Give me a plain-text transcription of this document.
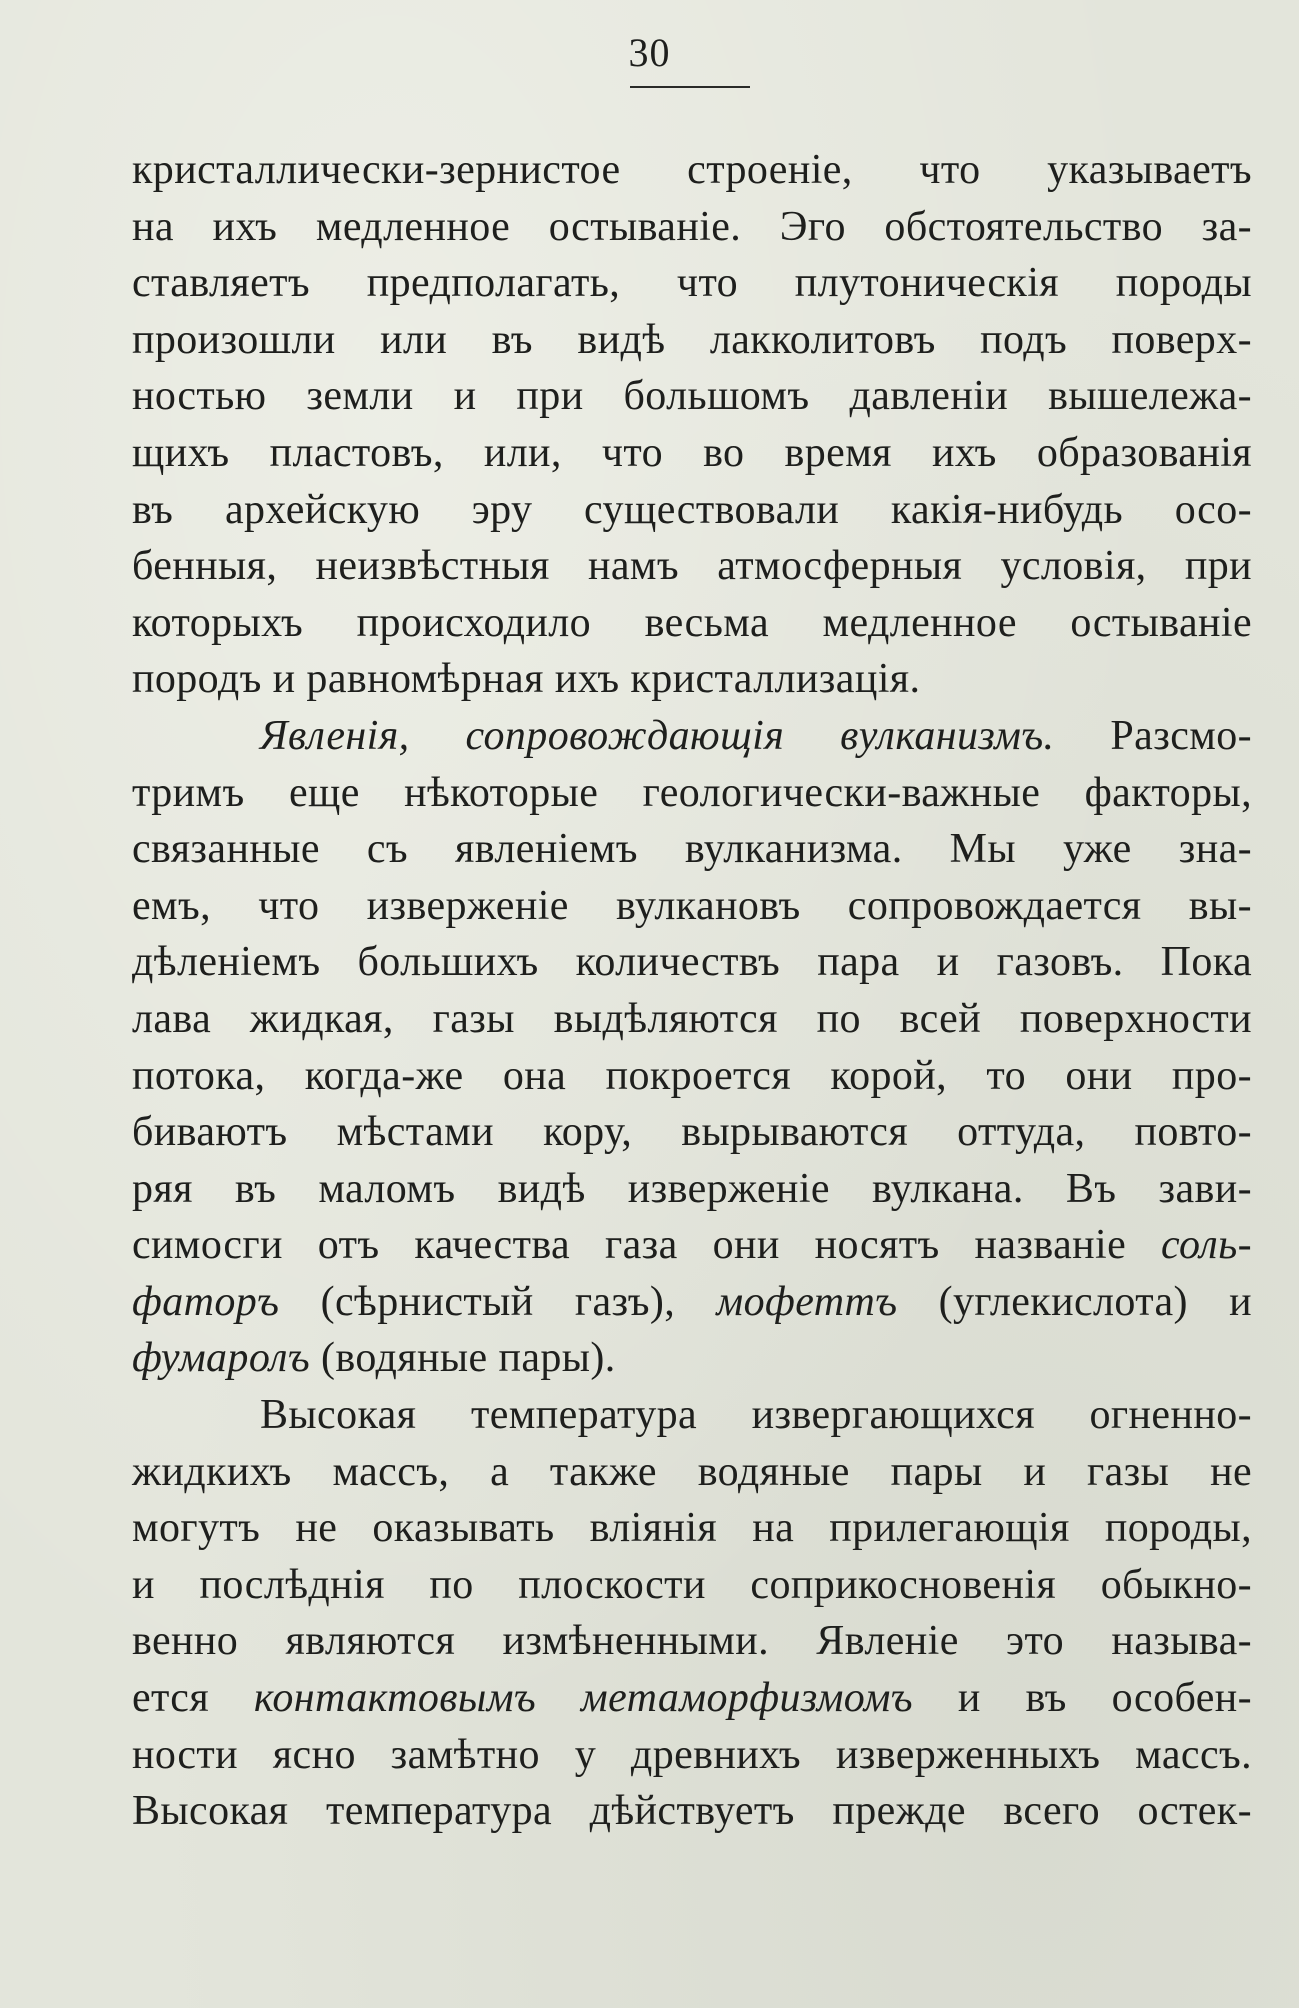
30
кристаллически-зернистое строенiе, что указываетъ
на ихъ медленное остыванiе. Эго обстоятельство за-
ставляетъ предполагать, что плутоническiя породы
произошли или въ видѣ лакколитовъ подъ поверх-
ностью земли и при большомъ давленiи вышележа-
щихъ пластовъ, или, что во время ихъ образованiя
въ архейскую эру существовали какiя-нибудь осо-
бенныя, неизвѣстныя намъ атмосферныя условiя, при
которыхъ происходило весьма медленное остыванiе
породъ и равномѣрная ихъ кристаллизацiя.
Явленiя, сопровождающiя вулканизмъ. Разсмо-
тримъ еще нѣкоторые геологически-важные факторы,
связанные съ явленiемъ вулканизма. Мы уже зна-
емъ, что изверженiе вулкановъ сопровождается вы-
дѣленiемъ большихъ количествъ пара и газовъ. Пока
лава жидкая, газы выдѣляются по всей поверхности
потока, когда-же она покроется корой, то они про-
биваютъ мѣстами кору, вырываются оттуда, повто-
ряя въ маломъ видѣ изверженiе вулкана. Въ зави-
симосги отъ качества газа они носятъ названiе соль-
фаторъ (сѣрнистый газъ), мофеттъ (углекислота) и
фумаролъ (водяные пары).
Высокая температура извергающихся огненно-
жидкихъ массъ, а также водяные пары и газы не
могутъ не оказывать влiянiя на прилегающiя породы,
и послѣднiя по плоскости соприкосновенiя обыкно-
венно являются измѣненными. Явленiе это называ-
ется контактовымъ метаморфизмомъ и въ особен-
ности ясно замѣтно у древнихъ изверженныхъ массъ.
Высокая температура дѣйствуетъ прежде всего остек-
